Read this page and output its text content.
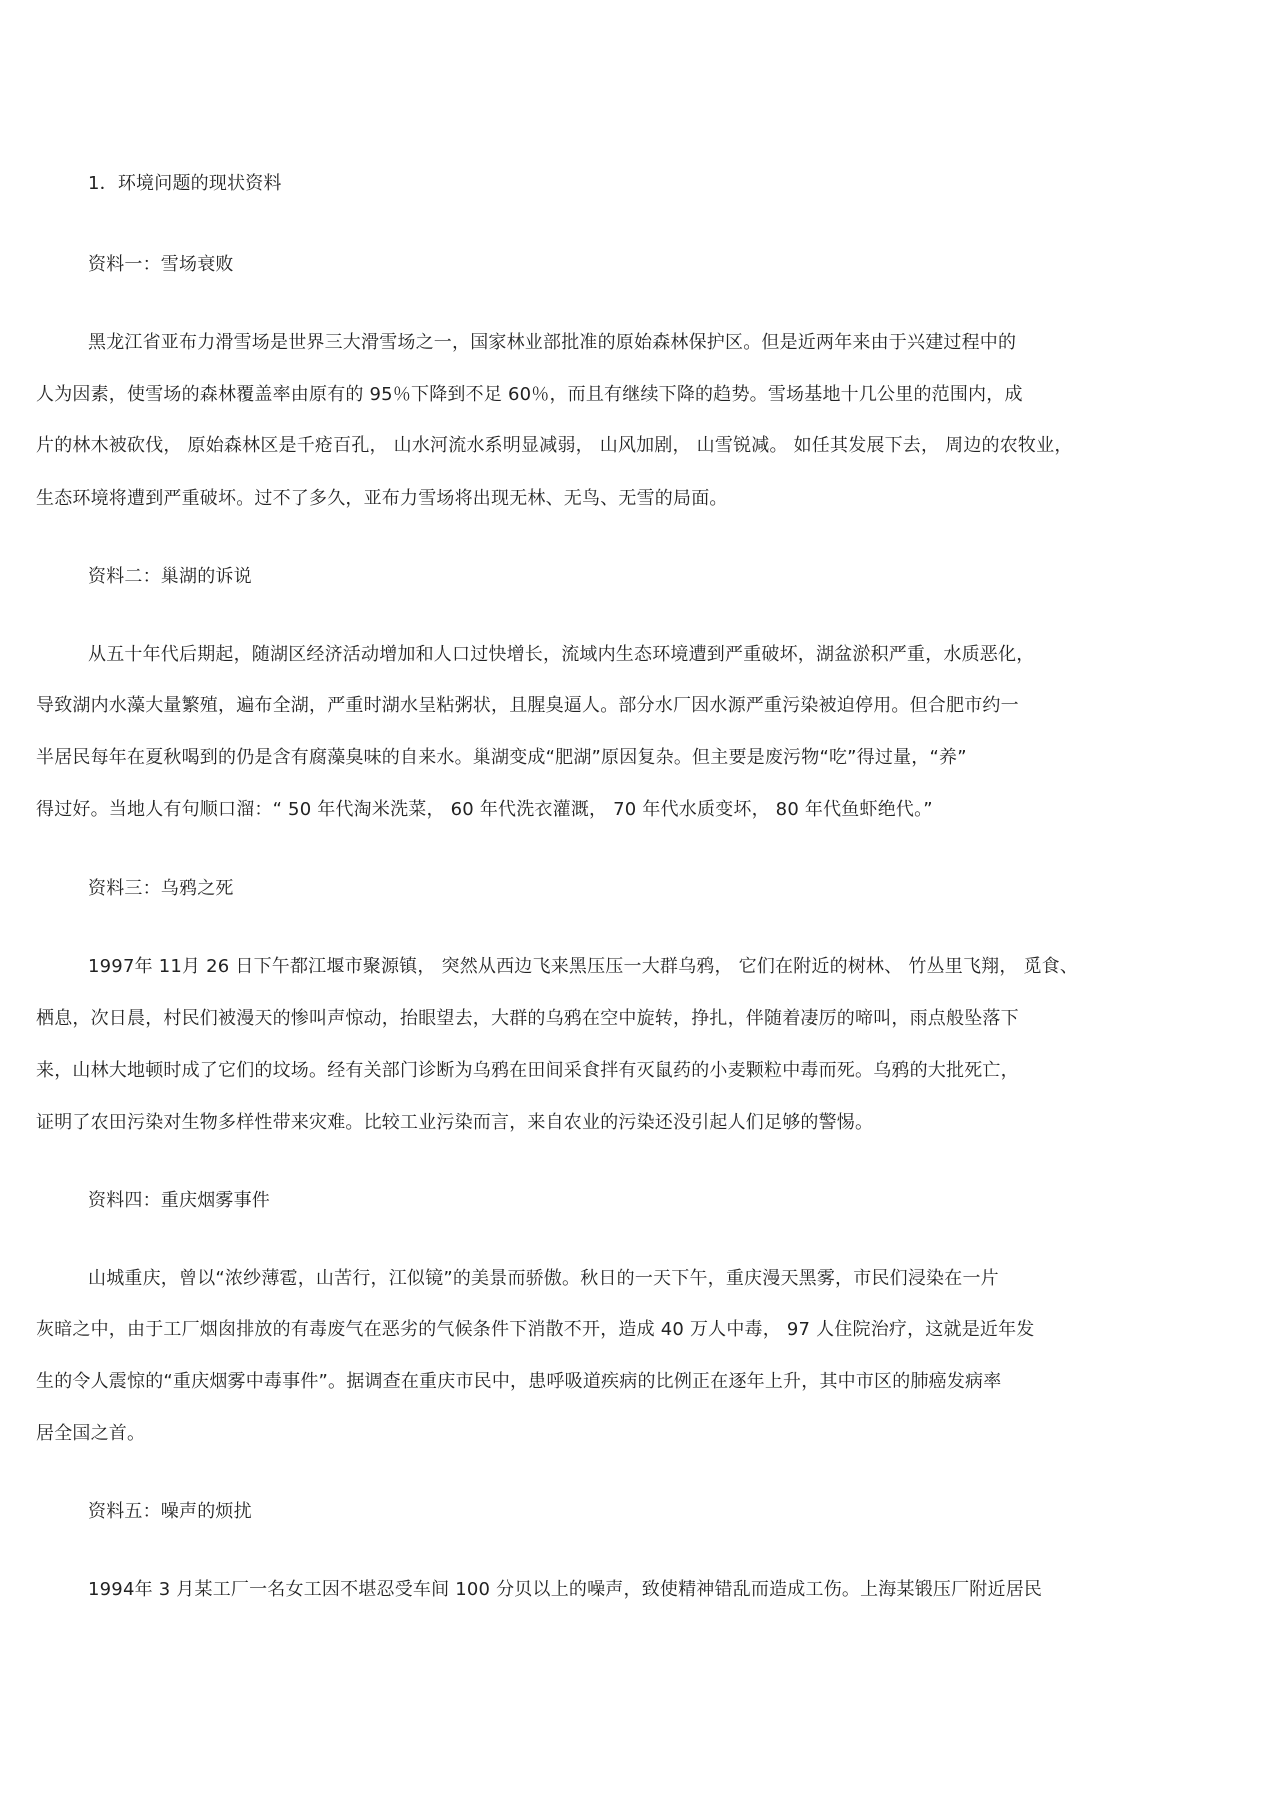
1．环境问题的现状资料
资料一：雪场衰败
黑龙江省亚布力滑雪场是世界三大滑雪场之一，国家林业部批准的原始森林保护区。但是近两年来由于兴建过程中的
人为因素，使雪场的森林覆盖率由原有的 95％下降到不足 60％，而且有继续下降的趋势。雪场基地十几公里的范围内，成
片的林木被砍伐， 原始森林区是千疮百孔， 山水河流水系明显减弱， 山风加剧， 山雪锐减。 如任其发展下去， 周边的农牧业，
生态环境将遭到严重破坏。过不了多久，亚布力雪场将出现无林、无鸟、无雪的局面。
资料二：巢湖的诉说
从五十年代后期起，随湖区经济活动增加和人口过快增长，流域内生态环境遭到严重破坏，湖盆淤积严重，水质恶化，
导致湖内水藻大量繁殖，遍布全湖，严重时湖水呈粘粥状，且腥臭逼人。部分水厂因水源严重污染被迫停用。但合肥市约一
半居民每年在夏秋喝到的仍是含有腐藻臭味的自来水。巢湖变成“肥湖”原因复杂。但主要是废污物“吃”得过量，“养”
得过好。当地人有句顺口溜：“ 50 年代淘米洗菜， 60 年代洗衣灌溉， 70 年代水质变坏， 80 年代鱼虾绝代。”
资料三：乌鸦之死
1997年 11月 26 日下午都江堰市聚源镇， 突然从西边飞来黑压压一大群乌鸦， 它们在附近的树林、 竹丛里飞翔， 觅食、
栖息，次日晨，村民们被漫天的惨叫声惊动，抬眼望去，大群的乌鸦在空中旋转，挣扎，伴随着凄厉的啼叫，雨点般坠落下
来，山林大地顿时成了它们的坟场。经有关部门诊断为乌鸦在田间采食拌有灭鼠药的小麦颗粒中毒而死。乌鸦的大批死亡，
证明了农田污染对生物多样性带来灾难。比较工业污染而言，来自农业的污染还没引起人们足够的警惕。
资料四：重庆烟雾事件
山城重庆，曾以“浓纱薄雹，山苦行，江似镜”的美景而骄傲。秋日的一天下午，重庆漫天黑雾，市民们浸染在一片
灰暗之中，由于工厂烟囱排放的有毒废气在恶劣的气候条件下消散不开，造成 40 万人中毒， 97 人住院治疗，这就是近年发
生的令人震惊的“重庆烟雾中毒事件”。据调查在重庆市民中，患呼吸道疾病的比例正在逐年上升，其中市区的肺癌发病率
居全国之首。
资料五：噪声的烦扰
1994年 3 月某工厂一名女工因不堪忍受车间 100 分贝以上的噪声，致使精神错乱而造成工伤。上海某锻压厂附近居民
